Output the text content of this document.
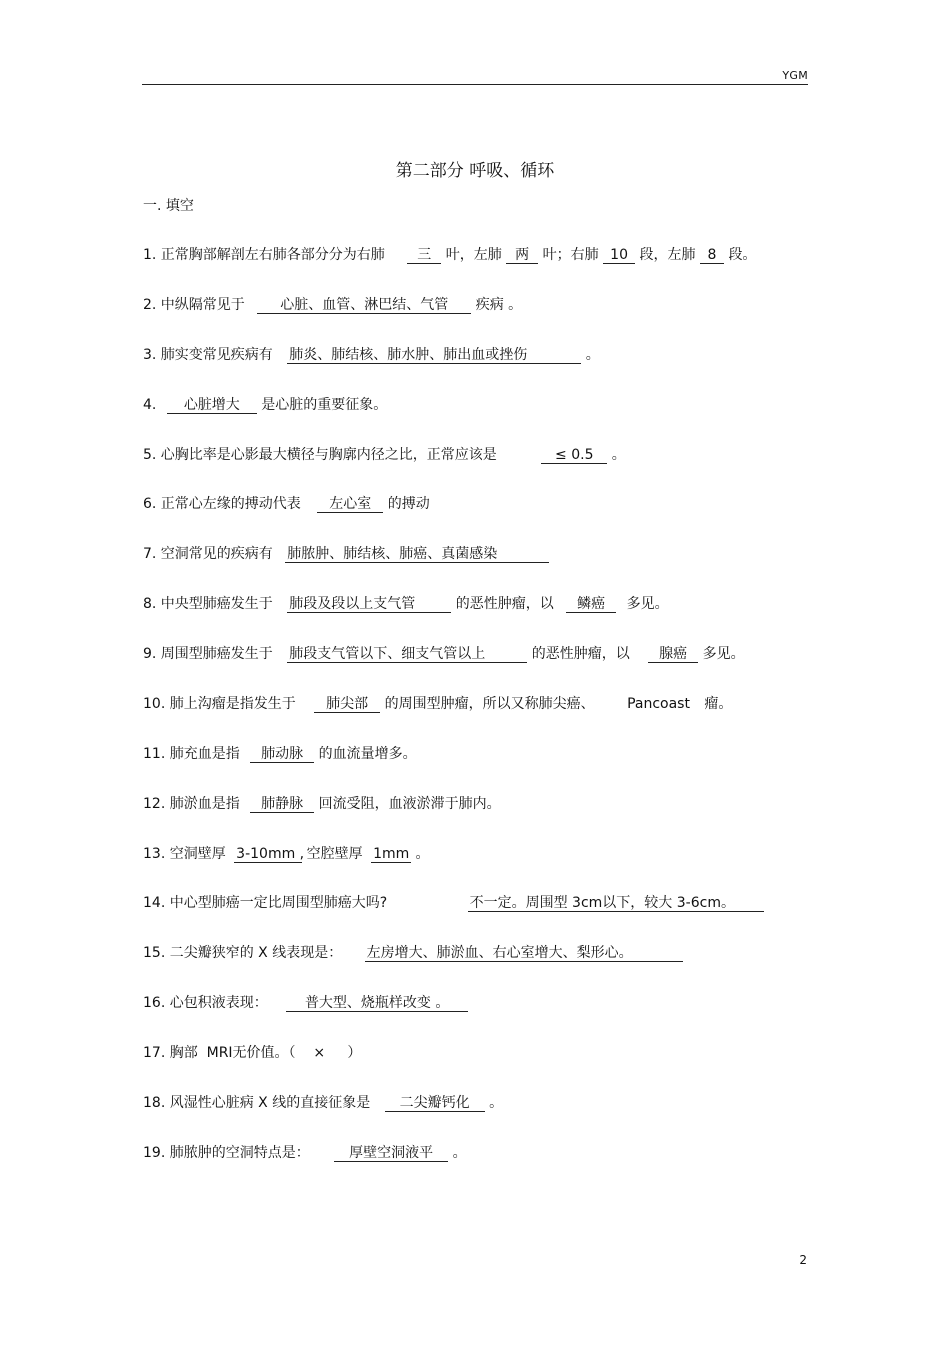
YGM
第二部分 呼吸、循环
一. 填空
1. 正常胸部解剖左右肺各部分分为右肺 三 叶，左肺 两 叶；右肺 10 段，左肺 8 段。
2. 中纵隔常见于	心脏、血管、淋巴结、气管 疾病 。
3. 肺实变常见疾病有 肺炎、肺结核、肺水肿、肺出血或挫伤	。
4. 心脏增大 是心脏的重要征象。
5. 心胸比率是心影最大横径与胸廓内径之比，正常应该是	≤ 0.5 。
6. 正常心左缘的搏动代表 左心室 的搏动
7. 空洞常见的疾病有 肺脓肿、肺结核、肺癌、真菌感染
8. 中央型肺癌发生于 肺段及段以上支气管	的恶性肿瘤，以 鳞癌 多见。
9. 周围型肺癌发生于 肺段支气管以下、细支气管以上	的恶性肿瘤，以 腺癌 多见。
10. 肺上沟瘤是指发生于 肺尖部 的周围型肿瘤，所以又称肺尖癌、 Pancoast 瘤。
11. 肺充血是指 肺动脉 的血流量增多。
12. 肺淤血是指 肺静脉 回流受阻，血液淤滞于肺内。
13. 空洞壁厚 3-10mm , 空腔壁厚 1mm 。
14. 中心型肺癌一定比周围型肺癌大吗?	不一定。周围型 3cm以下，较大 3-6cm。
15. 二尖瓣狭窄的 X 线表现是： 左房增大、肺淤血、右心室增大、梨形心。
16. 心包积液表现：	普大型、烧瓶样改变 。
17. 胸部  MRI无价值。（    ×     ）
18. 风湿性心脏病 X 线的直接征象是 二尖瓣钙化 。
19. 肺脓肿的空洞特点是：	厚壁空洞液平 。
2
